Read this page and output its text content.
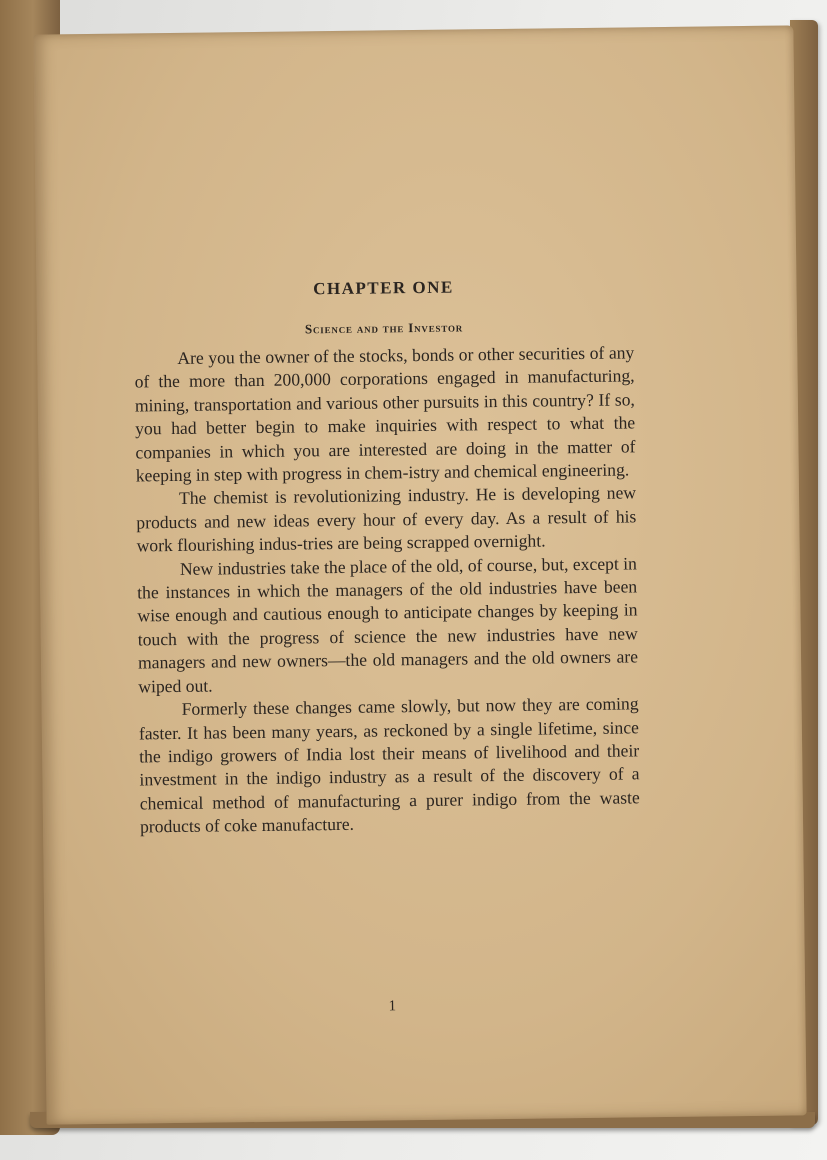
CHAPTER ONE
Science and the Investor

Are you the owner of the stocks, bonds or other securities of any of the more than 200,000 corporations engaged in manufacturing, mining, transportation and various other pursuits in this country? If so, you had better begin to make inquiries with respect to what the companies in which you are interested are doing in the matter of keeping in step with progress in chem-istry and chemical engineering.

The chemist is revolutionizing industry. He is developing new products and new ideas every hour of every day. As a result of his work flourishing indus-tries are being scrapped overnight.

New industries take the place of the old, of course, but, except in the instances in which the managers of the old industries have been wise enough and cautious enough to anticipate changes by keeping in touch with the progress of science the new industries have new managers and new owners—the old managers and the old owners are wiped out.

Formerly these changes came slowly, but now they are coming faster. It has been many years, as reckoned by a single lifetime, since the indigo growers of India lost their means of livelihood and their investment in the indigo industry as a result of the discovery of a chemical method of manufacturing a purer indigo from the waste products of coke manufacture.

1
